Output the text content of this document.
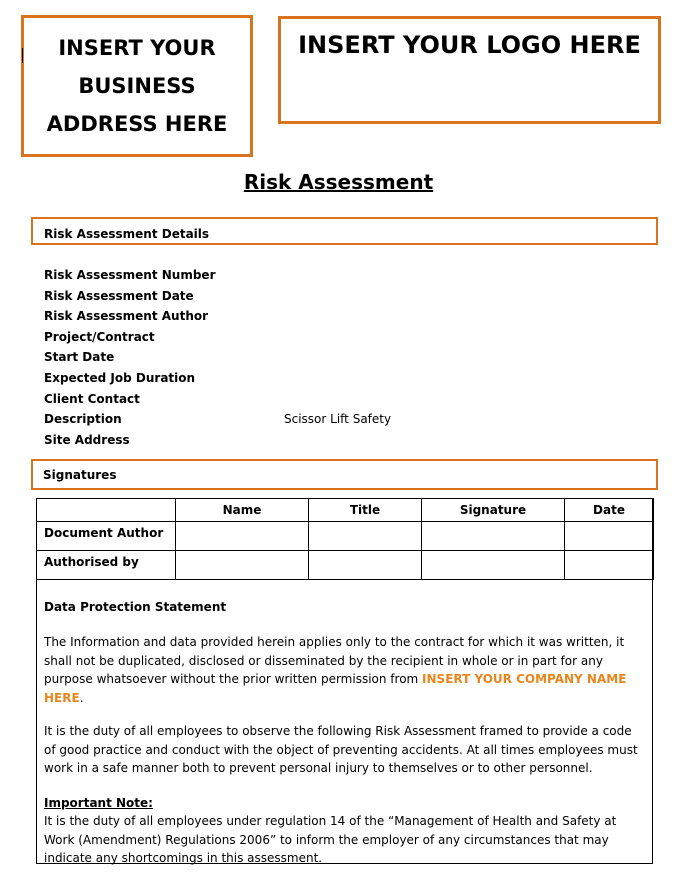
INSERT YOUR BUSINESS ADDRESS HERE
INSERT YOUR LOGO HERE
Risk Assessment
Risk Assessment Details
Risk Assessment Number
Risk Assessment Date
Risk Assessment Author
Project/Contract
Start Date
Expected Job Duration
Client Contact
Description	Scissor Lift Safety
Site Address
Signatures
	Name	Title	Signature	Date
Document Author				
Authorised by				
Data Protection Statement
The Information and data provided herein applies only to the contract for which it was written, it shall not be duplicated, disclosed or disseminated by the recipient in whole or in part for any purpose whatsoever without the prior written permission from INSERT YOUR COMPANY NAME HERE.
It is the duty of all employees to observe the following Risk Assessment framed to provide a code of good practice and conduct with the object of preventing accidents. At all times employees must work in a safe manner both to prevent personal injury to themselves or to other personnel.
Important Note:
It is the duty of all employees under regulation 14 of the “Management of Health and Safety at Work (Amendment) Regulations 2006” to inform the employer of any circumstances that may indicate any shortcomings in this assessment.
